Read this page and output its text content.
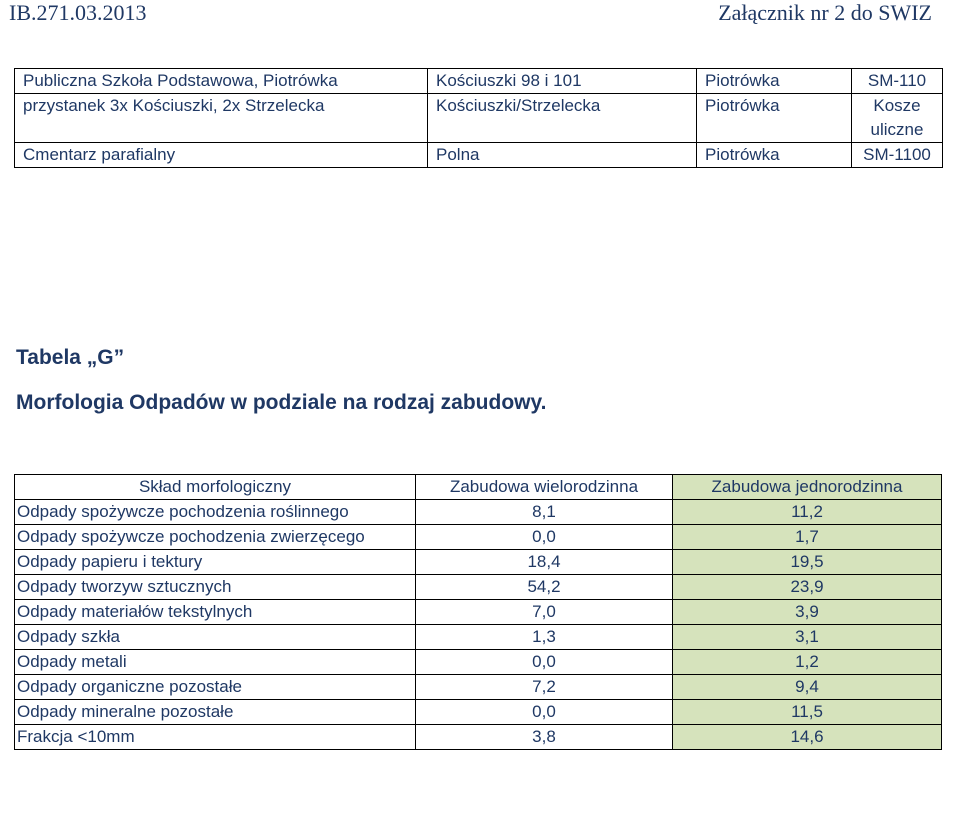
IB.271.03.2013	Załącznik nr 2 do SWIZ
Publiczna Szkoła Podstawowa, Piotrówka	Kościuszki 98 i 101	Piotrówka	SM-110
przystanek 3x Kościuszki, 2x Strzelecka	Kościuszki/Strzelecka	Piotrówka	Kosze uliczne
Cmentarz parafialny	Polna	Piotrówka	SM-1100
Tabela „G”
Morfologia Odpadów w podziale na rodzaj zabudowy.
Skład morfologiczny	Zabudowa wielorodzinna	Zabudowa jednorodzinna
Odpady spożywcze pochodzenia roślinnego	8,1	11,2
Odpady spożywcze pochodzenia zwierzęcego	0,0	1,7
Odpady papieru i tektury	18,4	19,5
Odpady tworzyw sztucznych	54,2	23,9
Odpady materiałów tekstylnych	7,0	3,9
Odpady szkła	1,3	3,1
Odpady metali	0,0	1,2
Odpady organiczne pozostałe	7,2	9,4
Odpady mineralne pozostałe	0,0	11,5
Frakcja <10mm	3,8	14,6
